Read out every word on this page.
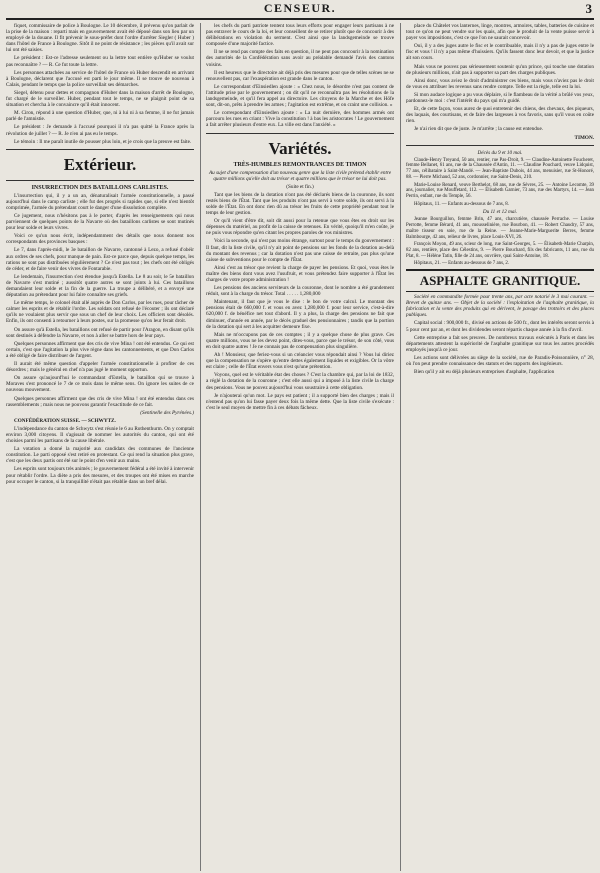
CENSEUR.	3

fiquet, commissaire de police à Boulogne. Le 10 décembre, il prévenu qu'on parlait de la prise de la maison : reparti mais en gouvernement avait été déposé dans son lieu par un employé de la douane. Il fit prévenir le sous-préfet dont l'ordre d'arrêter Siegler ( Huber ) dans l'hôtel de France à Boulogne. Sitôt il ne point de résistance ; les pièces qu'il avait sur lui ont été saisies.

Le président : Est-ce l'adresse seulement ou la lettre tout entière qu'Huber se voulut pas reconnaître ? — R. Ce fut toute la lettre.

Les personnes attachées au service de l'hôtel de France où Huber descendit en arrivant à Boulogne, déclarent que l'accusé est parti le jour même. Il se trouve de nouveau à Calais, pendant le temps que la police surveillait ses démarches.

Siegel, détenu pour dettes et compagnon d'Huber dans la maison d'arrêt de Boulogne, fut chargé de le surveiller. Huber, pendant tout le temps, ne se plaignit point de sa situation et chercha à le convaincre qu'il était innocent.

M. Ciron, répond à une question d'Huber, que, ni à lui ni à sa femme, il ne fut jamais parlé de l'amnistie.

Le président : Je demande à l'accusé pourquoi il n'a pas quitté la France après la révolution de juillet ? — R. Je n'en ai pas eu le temps.

Le témoin : Il me paraît inutile de pousser plus loin, et je crois que la preuve est faite.

Extérieur.
INSURRECTION DES BATAILLONS CARLISTES.

L'insurrection qui, il y a un an, dénaturalisait l'armée constitutionnelle, a passé aujourd'hui dans le camp carliste ; elle fut des progrès si rapides que, si elle n'est bientôt comprimée, l'armée du prétendant court le danger d'une dissolution complète.

Ce jugement, nous n'hésitons pas à le porter, d'après les renseignements qui nous parviennent de quelques points de la Navarre où des bataillons carlistes se sont mutinés pour leur solde et leurs vivres.

Voici ce qu'un nous écrit, indépendamment des détails que nous donnent nos correspondants des provinces basques :

Le 7, dans l'après-midi, le 3e bataillon de Navarre, cantonné à Lezo, a refusé d'obéir aux ordres de ses chefs, pour manque de pain. Est-ce parce que, depuis quelque temps, les rations ne sont pas distribuées régulièrement ? Ce n'est pas tout ; les chefs ont été obligés de céder, et de faire venir des vivres de Fontarabie.

Le lendemain, l'insurrection s'est étendue jusqu'à Estella. Le 8 au soir, le 5e bataillon de Navarre s'est mutiné ; aussitôt quatre autres se sont joints à lui. Ces bataillons demandaient leur solde et la fin de la guerre. La troupe a délibéré, et a envoyé une députation au prétendant pour lui faire connaître ses griefs.

Le même temps, le colonel était allé auprès de Don Carlos, par les rues, pour tâcher de calmer les esprits et de rétablir l'ordre. Les soldats ont refusé de l'écouter ; ils ont déclaré qu'ils ne voulaient plus servir que sous un chef de leur choix. Les officiers sont désolés. Enfin, ils ont consenti à retourner à leurs postes, sur la promesse qu'on leur ferait droit.

On assure qu'à Estella, les bataillons ont refusé de partir pour l'Aragon, en disant qu'ils sont destinés à défendre la Navarre, et non à aller se battre hors de leur pays.

Quelques personnes affirment que des cris de vive Mina ! ont été entendus. Ce qui est certain, c'est que l'agitation la plus vive règne dans les cantonnements, et que Don Carlos a été obligé de faire distribuer de l'argent.

Il aurait été même question d'appeler l'armée constitutionnelle à profiter de ces désordres ; mais le général en chef n'a pas jugé le moment opportun.

On assure qu'aujourd'hui le commandant d'Estella, le bataillon qui se trouve à Moraves s'est prononcé le 7 de ce mois dans le même sens. On ignore les suites de ce nouveau mouvement.

Quelques personnes affirment que des cris de vive Mina ! ont été entendus dans ces rassemblements ; mais nous ne pouvons garantir l'exactitude de ce fait.

(Sentinelle des Pyrénées.)

CONFÉDÉRATION SUISSE. — SCHWYTZ.

L'indépendance du canton de Schwytz s'est réunie le 6 au Rothenthurm. On y comptait environ 3,000 citoyens. Il s'agissait de nommer les autorités du canton, qui ont été choisies parmi les partisans de la cause libérale.

La votation a donné la majorité aux candidats des communes de l'ancienne constitution. Le parti opposé s'est retiré en protestant. Ce qui rend la situation plus grave, c'est que les deux partis ont été sur le point d'en venir aux mains.

Les esprits sont toujours très animés ; le gouvernement fédéral a été invité à intervenir pour rétablir l'ordre. La diète a pris des mesures, et des troupes ont été mises en marche pour occuper le canton, si la tranquillité n'était pas rétablie dans un bref délai.

les chefs du parti patriote tentent tous leurs efforts pour engager leurs partisans à ne pas entraver le cours de la loi, et leur conseillent de se retirer plutôt que de concourir à des délibérations en violation du serment. C'est ainsi que la landsgemeinde se trouve composée d'une majorité factice.

Il ne se rend pas compte des faits en question, il ne peut pas concourir à la nomination des autorités de la Confédération sans avoir au préalable demandé l'avis des cantons voisins.

Il est heureux que le directoire ait déjà pris des mesures pour que de telles scènes ne se renouvellent pas, car l'exaspération est grande dans le canton.

Le correspondant d'Einsiedlen ajoute : « Chez nous, le désordre n'est pas content de l'attitude prise par le gouvernement ; on dit qu'il ne reconnaîtra pas les résolutions de la landsgemeinde, et qu'il fera appel au directoire. Les citoyens de la Marche et des Höfe sont, dit-on, prêts à prendre les armes ; l'agitation est extrême, et on craint une collision. »

Le correspondant d'Einsiedlen ajoute : « La nuit dernière, des hommes armés ont parcouru les rues en criant : Vive la constitution ! à bas les aristocrates ! Le gouvernement a fait arrêter plusieurs d'entre eux. La ville est dans l'anxiété. »

Variétés.
TRÈS-HUMBLES REMONTRANCES DE TIMON

Au sujet d'une compensation d'un nouveau genre que la liste civile prétend établir entre quatre millions qu'elle doit au trésor et quatre millions que le trésor ne lui doit pas.

(Suite et fin.)

Tant que les biens de la dotation n'ont pas été déclarés biens de la couronne, ils sont restés biens de l'État. Tant que les produits n'ont pas servi à votre solde, ils ont servi à la solde de l'État. En ont donc rien dû au trésor les fruits de cette propriété pendant tout le temps de leur gestion.

Or qu'il vient d'être dit, soit dit aussi pour la retenue que vous êtes en droit sur les dépenses du matériel, au profit de la caisse de retenues. En vérité, quoiqu'il m'en coûte, je ne puis vous répondre qu'en citant les propres paroles de vos ministres.

Voici la seconde, qui n'est pas moins étrange, surtout pour le temps du gouvernement : Il faut, dit la liste civile, qu'il n'y ait point de pensions sur les fonds de la dotation au-delà du montant des revenus ; car la dotation n'est pas une caisse de retraite, pas plus qu'une caisse de subventions pour le compte de l'État.

Ainsi c'est au trésor que revient la charge de payer les pensions. Et quoi, vous êtes le maître des biens dont vous avez l'usufruit, et vous prétendez faire supporter à l'État les charges de votre propre administration !

Les pensions des anciens serviteurs de la couronne, dont le nombre a été grandement réduit, sont à la charge du trésor. Total . . . . . 1,280,000

Maintenant, il faut que je vous le dise : le bon de votre calcul. Le montant des pensions était de 660,000 f. et vous en avez 1,280,000 f. pour leur service, c'est-à-dire 620,000 f. de bénéfice net tout d'abord. Il y a plus, la charge des pensions ne fait que diminuer, d'année en année, par le décès graduel des pensionnaires ; tandis que la portion de la dotation qui sert à les acquitter demeure fixe.

Mais ne m'occupons pas de ces comptes ; il y a quelque chose de plus grave. Ces quatre millions, vous ne les devez point, dites-vous, parce que le trésor, de son côté, vous en doit quatre autres ! Je ne connais pas de compensation plus singulière.

Ah ! Monsieur, que feriez-vous si un créancier vous répondait ainsi ? Vous lui diriez que la compensation ne s'opère qu'entre dettes également liquides et exigibles. Or la vôtre est claire ; celle de l'État envers vous n'est qu'une prétention.

Voyons, quel est le véritable état des choses ? C'est la chambre qui, par la loi de 1832, a réglé la dotation de la couronne ; c'est elle aussi qui a imposé à la liste civile la charge des pensions. Vous ne pouvez aujourd'hui vous soustraire à cette obligation.

Je n'ajouterai qu'un mot. Le pays est patient ; il a supporté bien des charges ; mais il n'entend pas qu'on lui fasse payer deux fois la même dette. Que la liste civile s'exécute : c'est le seul moyen de mettre fin à ces débats fâcheux.

place du Châtelet vos lanternes, linge, montres, armoires, tables, batteries de cuisine et tout ce qu'on ne peut vendre sur les quais, afin que le produit de la vente puisse servir à payer vos impositions, c'est ce que l'on ne saurait concevoir.

Oui, il y a des juges autre le fisc et le contribuable, mais il n'y a pas de juges entre le fisc et vous ! il n'y a pas même d'huissiers. Qu'ils fassent donc leur devoir, et que la justice ait son cours.

Mais vous ne pouvez pas sérieusement soutenir qu'un prince, qui touche une dotation de plusieurs millions, n'ait pas à supporter sa part des charges publiques.

Ainsi donc, vous aviez le droit d'administrer ces biens, mais vous n'aviez pas le droit de vous en attribuer les revenus sans rendre compte. Telle est la règle, telle est la loi.

Si mon audace logique a pu vous déplaire, si le flambeau de la vérité a brûlé vos yeux, pardonnez-le moi : c'est l'intérêt du pays qui m'a guidé.

Et, de cette façon, vous aurez de quoi entretenir des chiens, des chevaux, des piqueurs, des laquais, des courtisans, et de faire des largesses à vos favoris, sans qu'il vous en coûte rien.

Je n'ai rien dit que de juste. Je m'arrête ; la cause est entendue.

TIMON.

Décès du 9 et 10 mai.

Claude-Henry Treyand, 50 ans, rentier, rue Pas-Droit, 9. — Claudine-Antoinette Foucheret, femme Bellanet, 61 ans, rue de la Chaussée d'Antin, 11. — Claudine Pouchard, veuve Lidquist, 77 ans, célibataire à Saint-Mandé. — Jean-Baptiste Dubois, 44 ans, menuisier, rue St-Honoré, 88. — Pierre Michaud, 52 ans, cordonnier, rue Saint-Denis, 210.

Marie-Louise Renard, veuve Berthelot, 68 ans, rue de Sèvres, 25. — Antoine Lecomte, 39 ans, journalier, rue Mouffetard, 112. — Élisabeth Garnier, 73 ans, rue des Martyrs, 14. — Jean Perrin, enfant, rue du Temple, 56.

Hôpitaux, 11. — Enfants au-dessous de 7 ans, 8.

Du 11 et 12 mai.

Jeanne Bourguillon, femme Brin, 47 ans, charcutière, chaussée Perrache. — Louise Perrotte, femme Bérard, 41 ans, mousselinière, rue Bourbon, 41. — Robert Chaudry, 57 ans, maître tisseur en soie, rue de la Reine. — Jeanne-Marie-Marguerite Berres, femme Balmbourge, 42 ans, relieur de livres, place Louis-XVI, 26.

François Moyon, 49 ans, scieur de long, rue Saint-Georges, 5. — Élisabeth-Marie Charpin, 82 ans, rentière, place des Célestins, 9. — Pierre Bouchard, fils des fabricants, 11 ans, rue du Plat, 8. — Hélène Tatin, fille de 24 ans, ouvrière, quai Saint-Antoine, 18.

Hôpitaux, 21. — Enfants au-dessous de 7 ans, 2.

ASPHALTE GRANITIQUE.

Société en commandite formée pour trente ans, par acte notarié le 3 mai courant. — Brevet de quinze ans. — Objet de la société : l'exploitation de l'asphalte granitique, la fabrication et la vente des produits qui en dérivent, le pavage des trottoirs et des places publiques.

Capital social : 900,000 fr., divisé en actions de 500 fr., dont les intérêts seront servis à 5 pour cent par an, et dont les dividendes seront répartis chaque année à la fin d'avril.

Cette entreprise a fait ses preuves. De nombreux travaux exécutés à Paris et dans les départements attestent la supériorité de l'asphalte granitique sur tous les autres procédés employés jusqu'à ce jour.

Les actions sont délivrées au siège de la société, rue de Paradis-Poissonnière, n° 28, où l'on peut prendre connaissance des statuts et des rapports des ingénieurs.

Bien qu'il y ait eu déjà plusieurs entreprises d'asphalte, l'application
